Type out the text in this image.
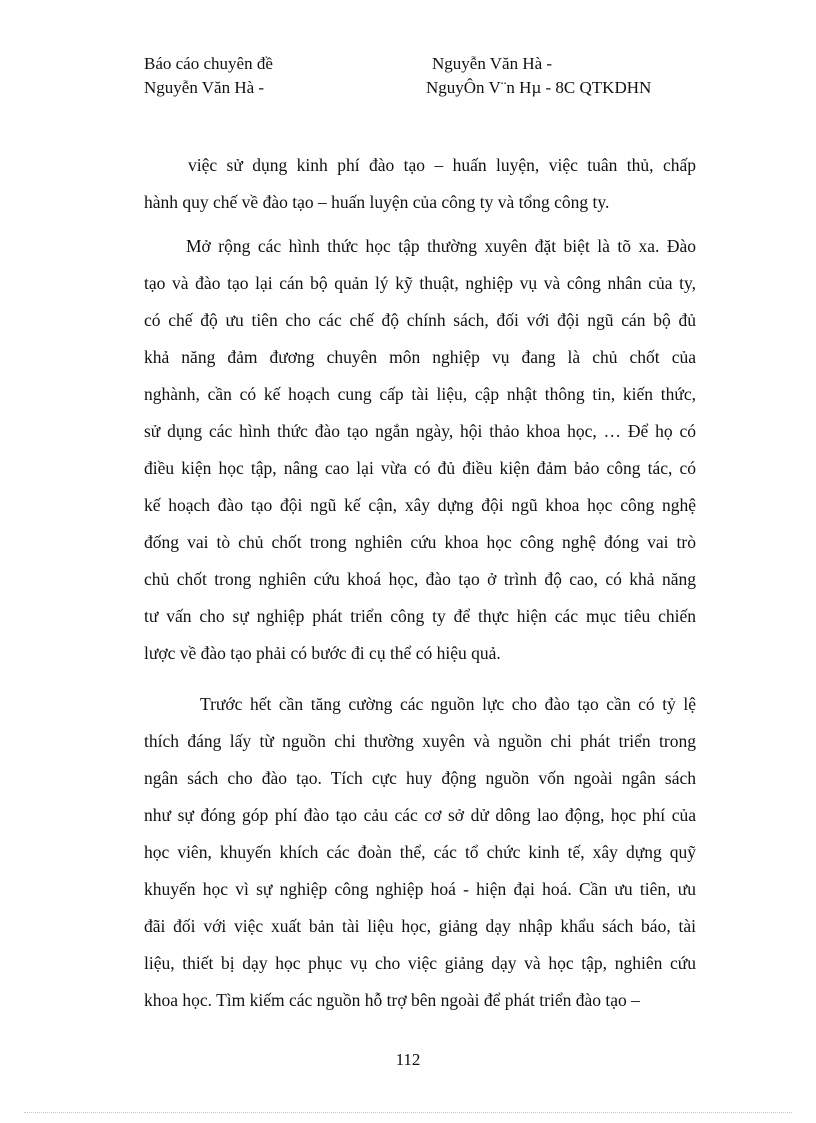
Báo cáo chuyên đề	Nguyễn Văn Hà -
Nguyễn Văn Hà -	NguyÔn V¨n Hµ - 8C QTKDHN
việc sử dụng kinh phí đào tạo – huấn luyện, việc tuân thủ, chấp
hành quy chế về đào tạo – huấn luyện của công ty và tổng công ty.
Mở rộng các hình thức học tập thường xuyên đặt biệt là tõ xa. Đào
tạo và đào tạo lại cán bộ quản lý kỹ thuật, nghiệp vụ và công nhân của ty,
có chế độ ưu tiên cho các chế độ chính sách, đối với đội ngũ cán bộ đủ
khả năng đảm đương chuyên môn nghiệp vụ đang là chủ chốt của
nghành, cần có kế hoạch cung cấp tài liệu, cập nhật thông tin, kiến thức,
sử dụng các hình thức đào tạo ngắn ngày, hội thảo khoa học, … Để họ có
điều kiện học tập, nâng cao lại vừa có đủ điều kiện đảm bảo công tác, có
kế hoạch đào tạo đội ngũ kế cận, xây dựng đội ngũ khoa học công nghệ
đống vai tò chủ chốt trong nghiên cứu khoa học công nghệ đóng vai trò
chủ chốt trong nghiên cứu khoá học, đào tạo ở trình độ cao, có khả năng
tư vấn cho sự nghiệp phát triển công ty để thực hiện các mục tiêu chiến
lược về đào tạo phải có bước đi cụ thể có hiệu quả.
Trước hết cần tăng cường các nguồn lực cho đào tạo cần có tỷ lệ
thích đáng lấy từ nguồn chi thường xuyên và nguồn chi phát triển trong
ngân sách cho đào tạo. Tích cực huy động nguồn vốn ngoài ngân sách
như sự đóng góp phí đào tạo cảu các cơ sở dử dông lao động, học phí của
học viên, khuyến khích các đoàn thể, các tổ chức kinh tế, xây dựng quỹ
khuyến học vì sự nghiệp công nghiệp hoá - hiện đại hoá. Cần ưu tiên, ưu
đãi đối với việc xuất bản tài liệu học, giảng dạy nhập khẩu sách báo, tài
liệu, thiết bị dạy học phục vụ cho việc giảng dạy và học tập, nghiên cứu
khoa học. Tìm kiếm các nguồn hỗ trợ bên ngoài để phát triển đào tạo –
112
